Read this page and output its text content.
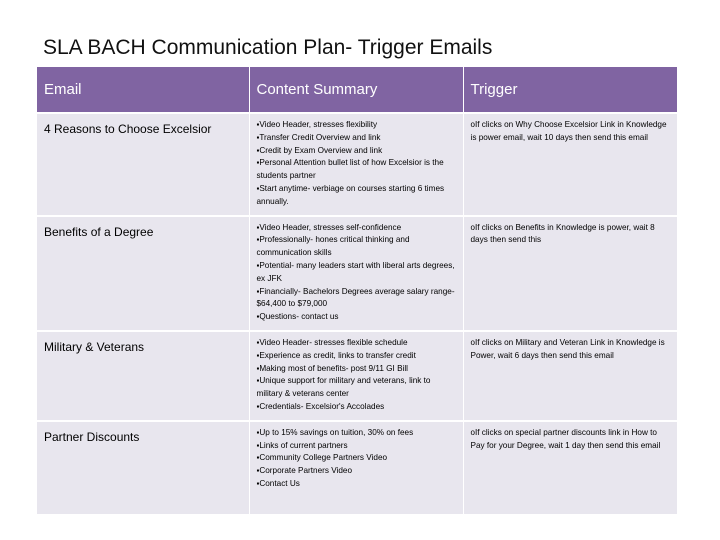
SLA BACH Communication Plan- Trigger Emails
Email	Content Summary	Trigger
4 Reasons to Choose Excelsior	▪ Video Header, stresses flexibility
▪ Transfer Credit Overview and link
▪ Credit by Exam Overview and link
▪ Personal Attention bullet list of how Excelsior is the students partner
▪ Start anytime- verbiage on courses starting 6 times annually.	o If clicks on Why Choose Excelsior Link in Knowledge is power email, wait 10 days then send this email
Benefits of a Degree	▪ Video Header, stresses self-confidence
▪ Professionally- hones critical thinking and communication skills
▪ Potential- many leaders start with liberal arts degrees, ex JFK
▪ Financially- Bachelors Degrees average salary range- $64,400 to $79,000
▪ Questions- contact us	o If clicks on Benefits in Knowledge is power, wait 8 days then send this
Military & Veterans	▪ Video Header- stresses flexible schedule
▪ Experience as credit, links to transfer credit
▪ Making most of benefits- post 9/11 GI Bill
▪ Unique support for military and veterans, link to military & veterans center
▪ Credentials- Excelsior's Accolades	o If clicks on Military and Veteran Link in Knowledge is Power, wait 6 days then send this email
Partner Discounts	▪ Up to 15% savings on tuition, 30% on fees
▪ Links of current partners
▪ Community College Partners Video
▪ Corporate Partners Video
▪ Contact Us	o If clicks on special partner discounts link in How to Pay for your Degree, wait 1 day then send this email
